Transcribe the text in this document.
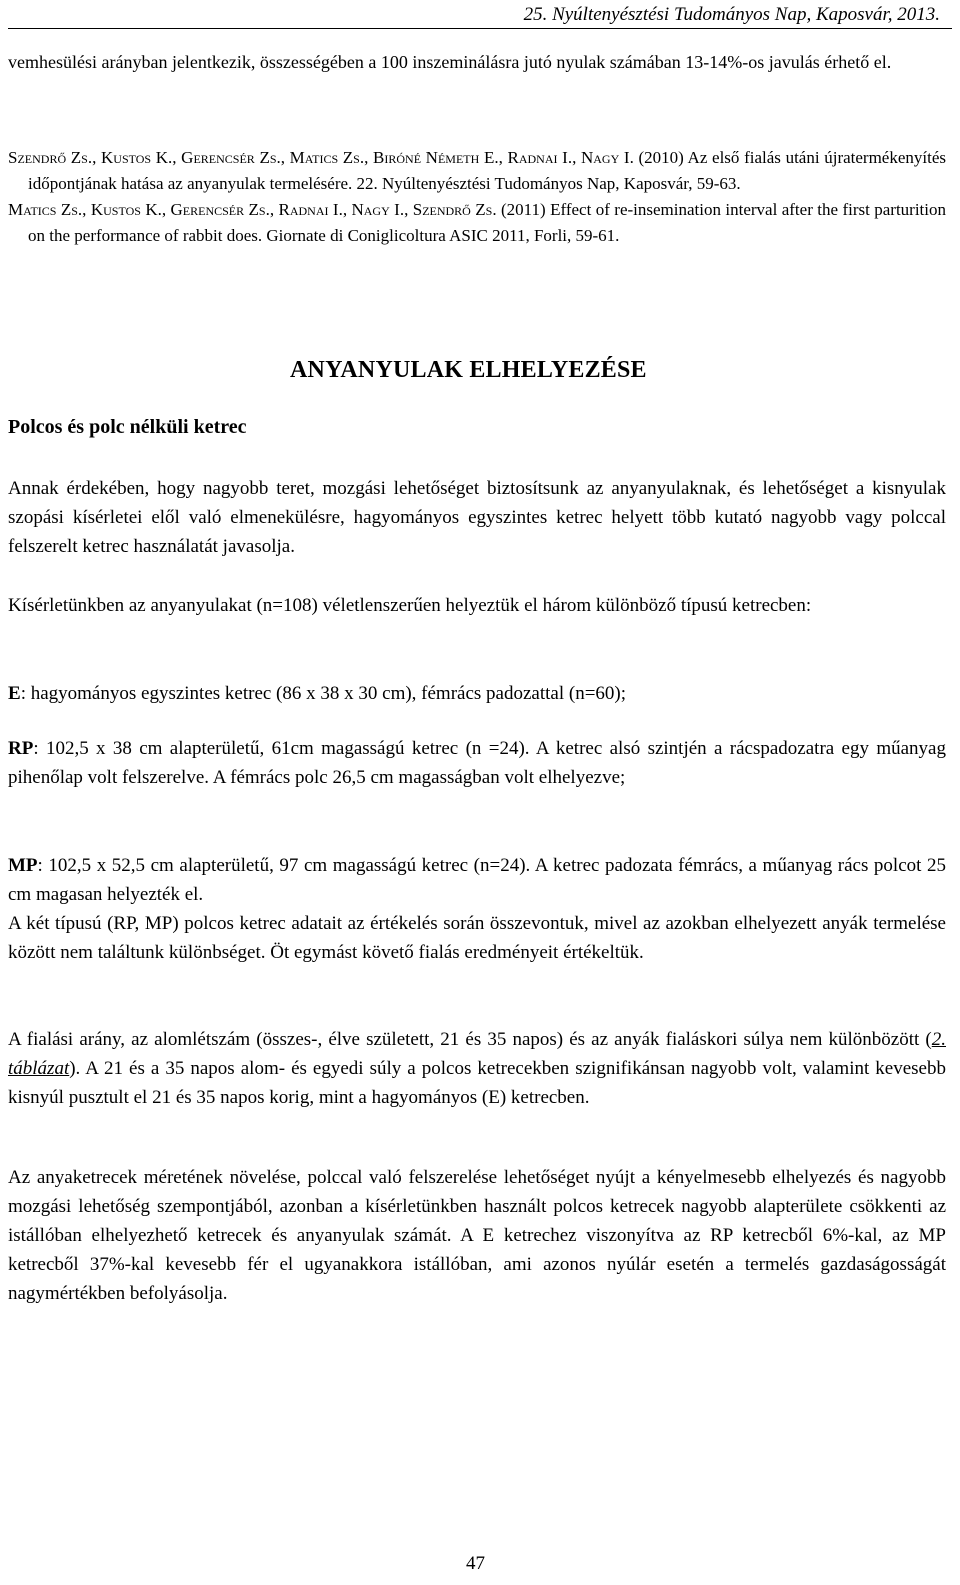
25. Nyúltenyésztési Tudományos Nap, Kaposvár, 2013.

vemhesülési arányban jelentkezik, összességében a 100 inszeminálásra jutó nyulak számában 13-14%-os javulás érhető el.

Szendrő Zs., Kustos K., Gerencsér Zs., Matics Zs., Biróné Németh E., Radnai I., Nagy I. (2010) Az első fialás utáni újratermékenyítés időpontjának hatása az anyanyulak termelésére. 22. Nyúltenyésztési Tudományos Nap, Kaposvár, 59-63.

Matics Zs., Kustos K., Gerencsér Zs., Radnai I., Nagy I., Szendrő Zs. (2011) Effect of re-insemination interval after the first parturition on the performance of rabbit does. Giornate di Coniglicoltura ASIC 2011, Forli, 59-61.

ANYANYULAK ELHELYEZÉSE
Polcos és polc nélküli ketrec

Annak érdekében, hogy nagyobb teret, mozgási lehetőséget biztosítsunk az anyanyulaknak, és lehetőséget a kisnyulak szopási kísérletei elől való elmenekülésre, hagyományos egyszintes ketrec helyett több kutató nagyobb vagy polccal felszerelt ketrec használatát javasolja.

Kísérletünkben az anyanyulakat (n=108) véletlenszerűen helyeztük el három különböző típusú ketrecben:

E: hagyományos egyszintes ketrec (86 x 38 x 30 cm), fémrács padozattal (n=60);

RP: 102,5 x 38 cm alapterületű, 61cm magasságú ketrec (n =24). A ketrec alsó szintjén a rácspadozatra egy műanyag pihenőlap volt felszerelve. A fémrács polc 26,5 cm magasságban volt elhelyezve;

MP: 102,5 x 52,5 cm alapterületű, 97 cm magasságú ketrec (n=24). A ketrec padozata fémrács, a műanyag rács polcot 25 cm magasan helyezték el.

A két típusú (RP, MP) polcos ketrec adatait az értékelés során összevontuk, mivel az azokban elhelyezett anyák termelése között nem találtunk különbséget. Öt egymást követő fialás eredményeit értékeltük.

A fialási arány, az alomlétszám (összes-, élve született, 21 és 35 napos) és az anyák fialáskori súlya nem különbözött (2. táblázat). A 21 és a 35 napos alom- és egyedi súly a polcos ketrecekben szignifikánsan nagyobb volt, valamint kevesebb kisnyúl pusztult el 21 és 35 napos korig, mint a hagyományos (E) ketrecben.

Az anyaketrecek méretének növelése, polccal való felszerelése lehetőséget nyújt a kényelmesebb elhelyezés és nagyobb mozgási lehetőség szempontjából, azonban a kísérletünkben használt polcos ketrecek nagyobb alapterülete csökkenti az istállóban elhelyezhető ketrecek és anyanyulak számát. A E ketrechez viszonyítva az RP ketrecből 6%-kal, az MP ketrecből 37%-kal kevesebb fér el ugyanakkora istállóban, ami azonos nyúlár esetén a termelés gazdaságosságát nagymértékben befolyásolja.

47
